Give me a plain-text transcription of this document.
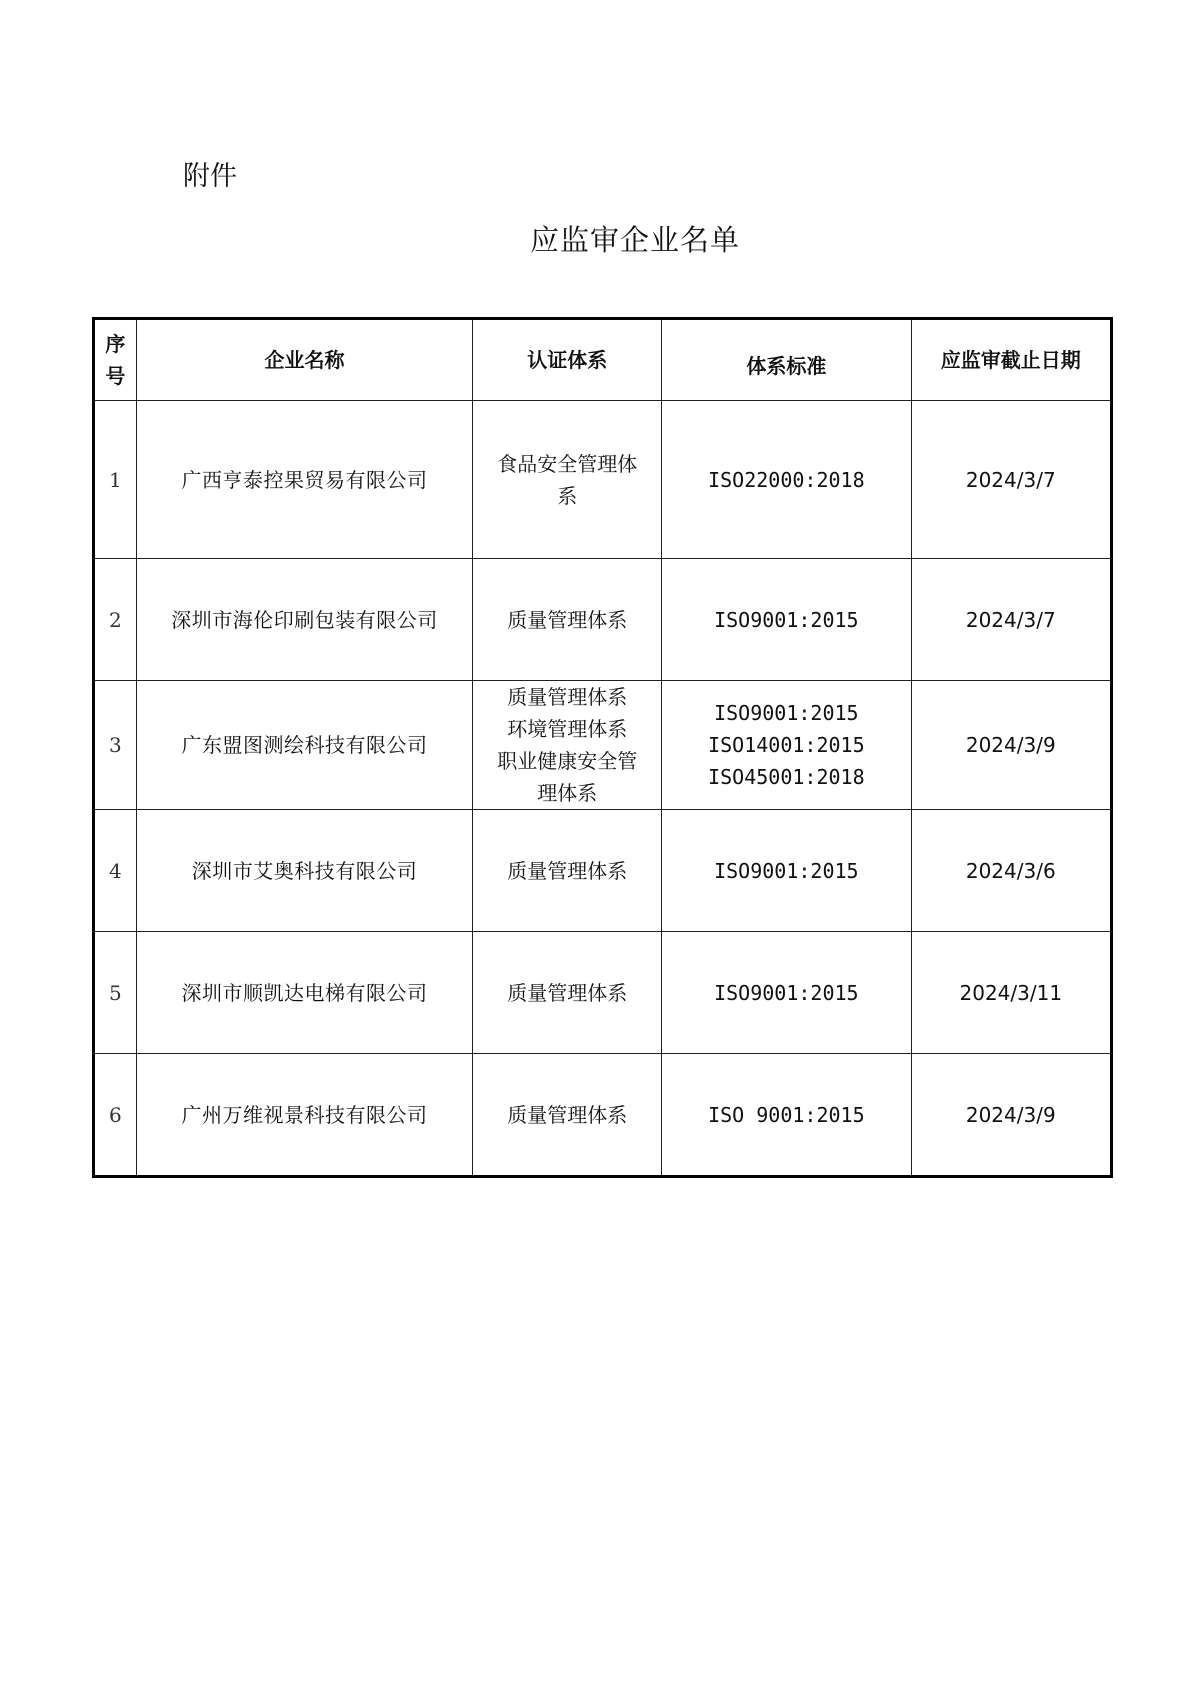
附件
应监审企业名单
序号	企业名称	认证体系	体系标准	应监审截止日期
1	广西亨泰控果贸易有限公司	食品安全管理体
系	ISO22000:2018	2024/3/7
2	深圳市海伦印刷包装有限公司	质量管理体系	ISO9001:2015	2024/3/7
3	广东盟图测绘科技有限公司	质量管理体系
环境管理体系
职业健康安全管
理体系	ISO9001:2015
ISO14001:2015
ISO45001:2018	2024/3/9
4	深圳市艾奥科技有限公司	质量管理体系	ISO9001:2015	2024/3/6
5	深圳市顺凯达电梯有限公司	质量管理体系	ISO9001:2015	2024/3/11
6	广州万维视景科技有限公司	质量管理体系	ISO 9001:2015	2024/3/9
